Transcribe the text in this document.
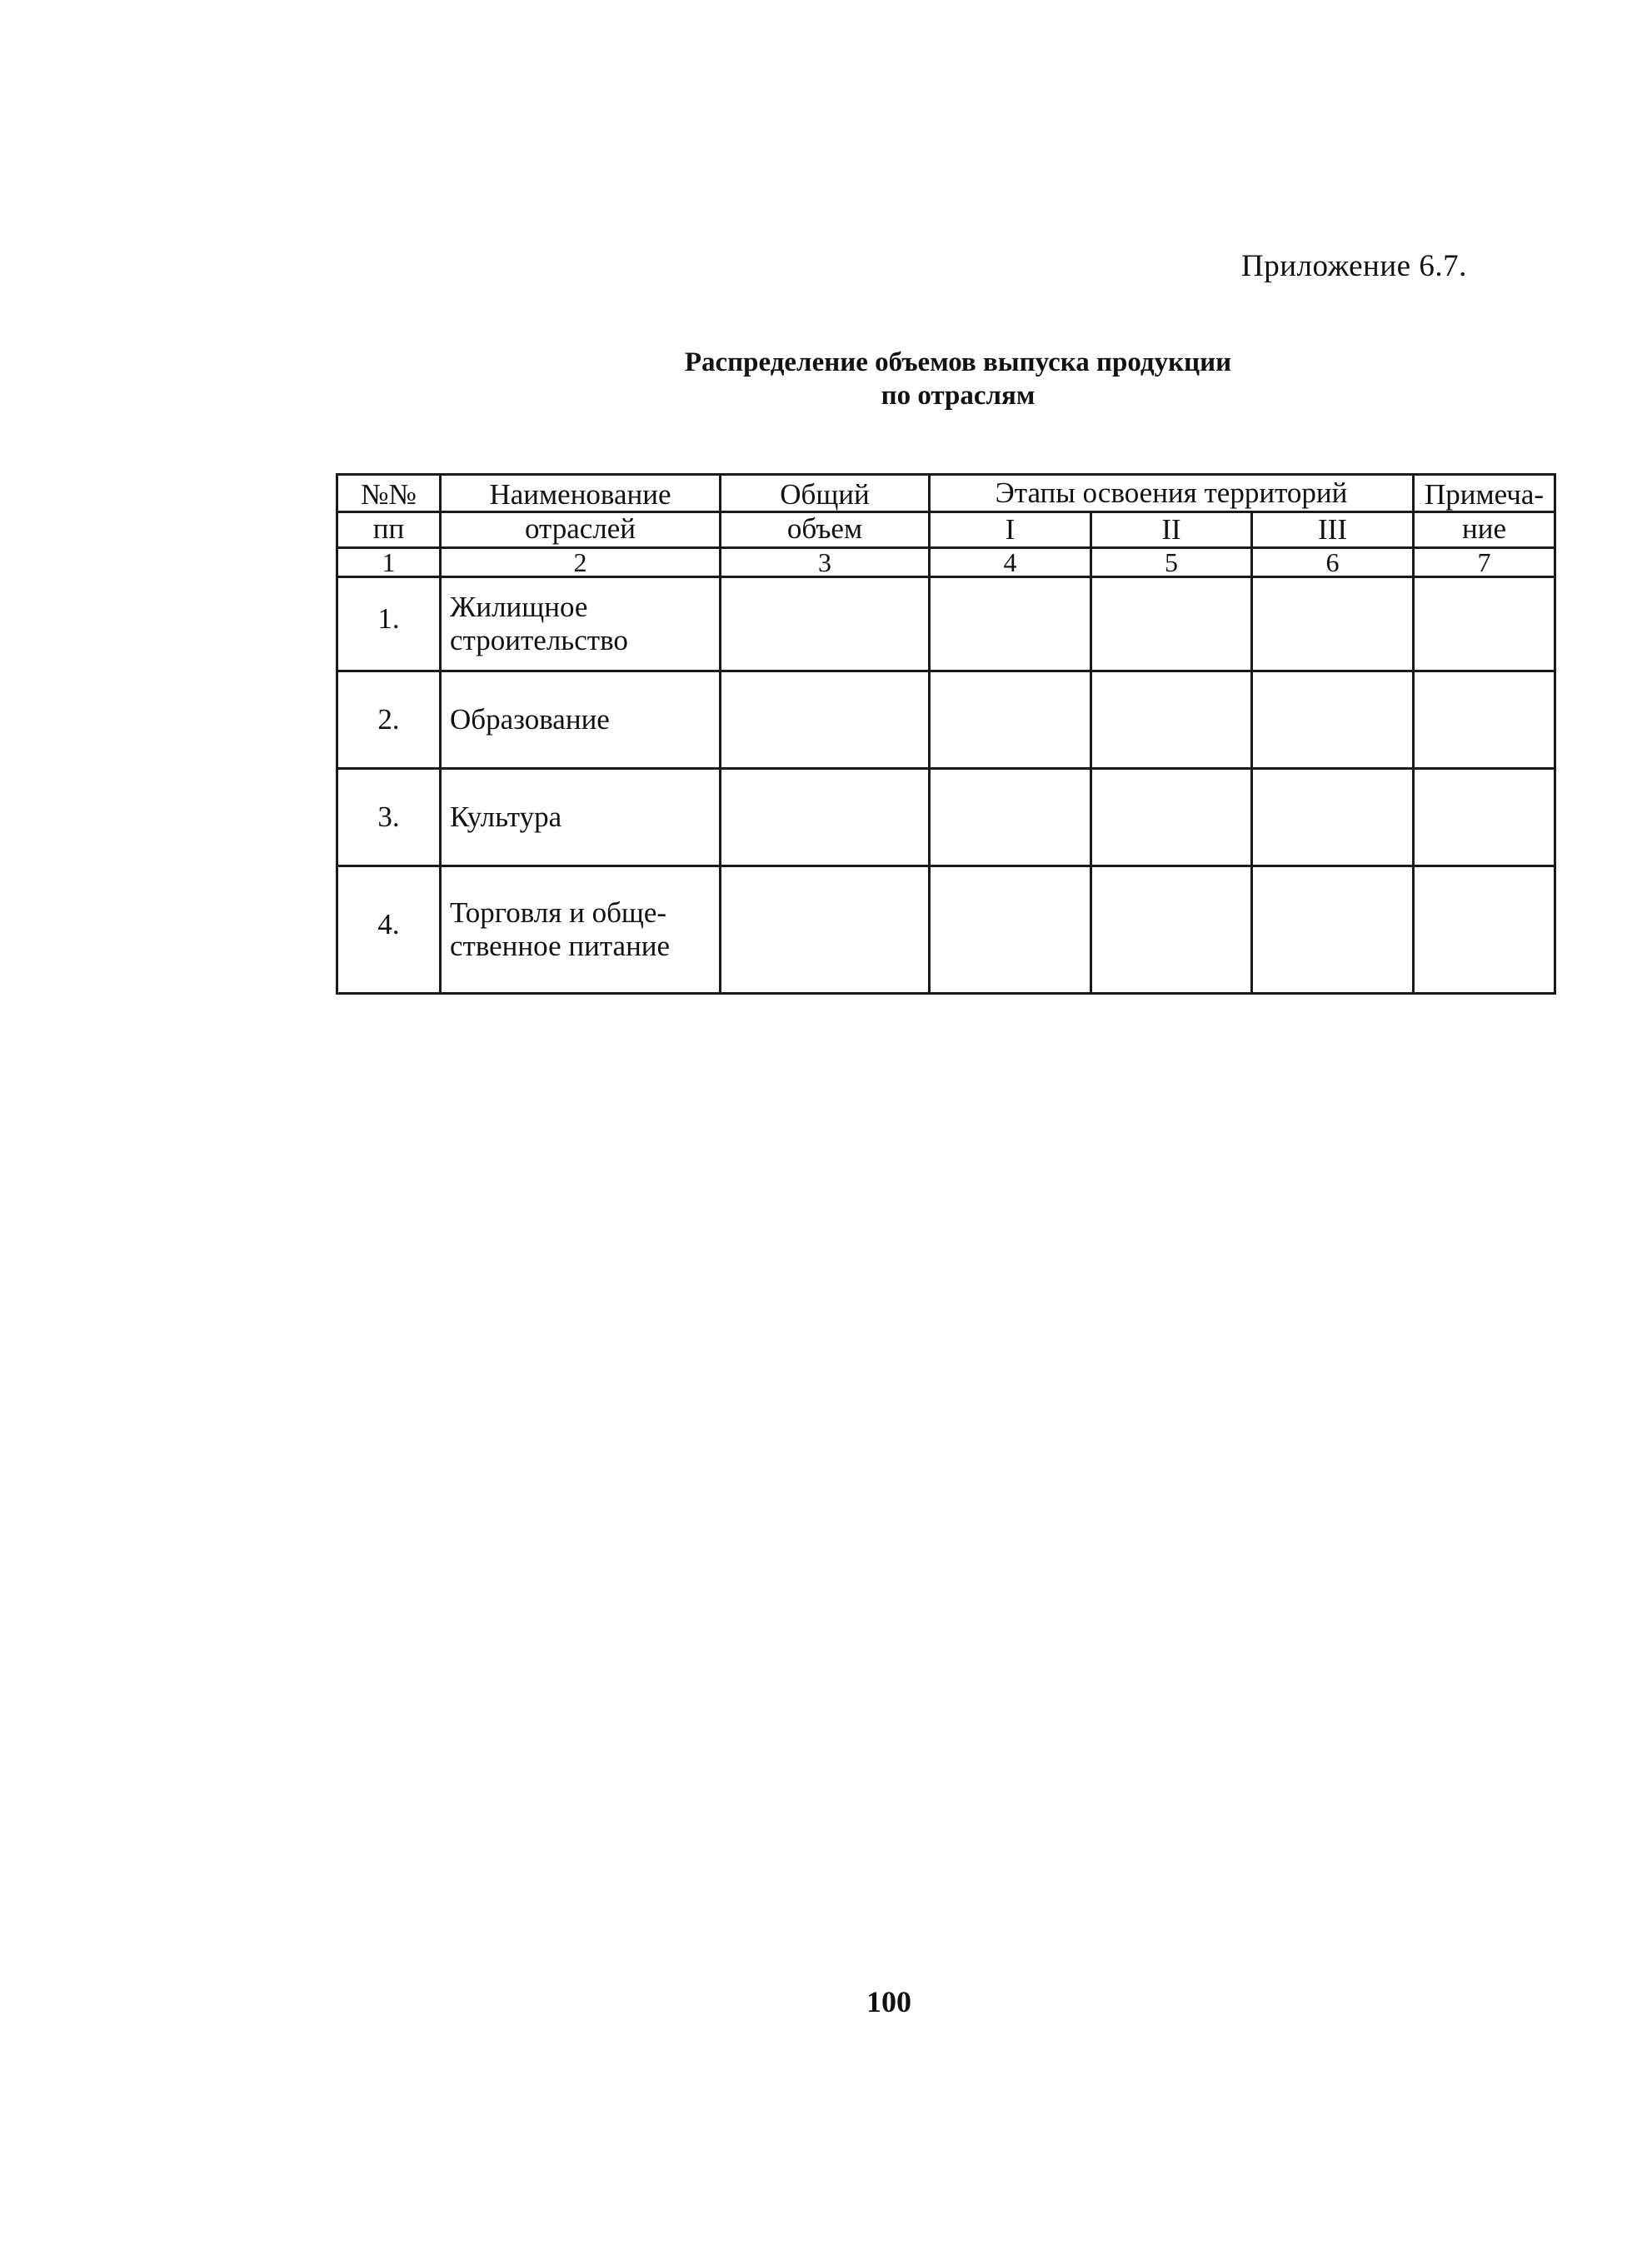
Приложение 6.7.
Распределение объемов выпуска продукции
по отраслям
№№	Наименование	Общий	Этапы освоения территорий			Примеча-
пп	отраслей	объем	I	II	III	ние
1	2	3	4	5	6	7
1.	Жилищное
строительство					

2.	Образование					

3.	Культура					

4.	Торговля и обще-
ственное питание					

100
